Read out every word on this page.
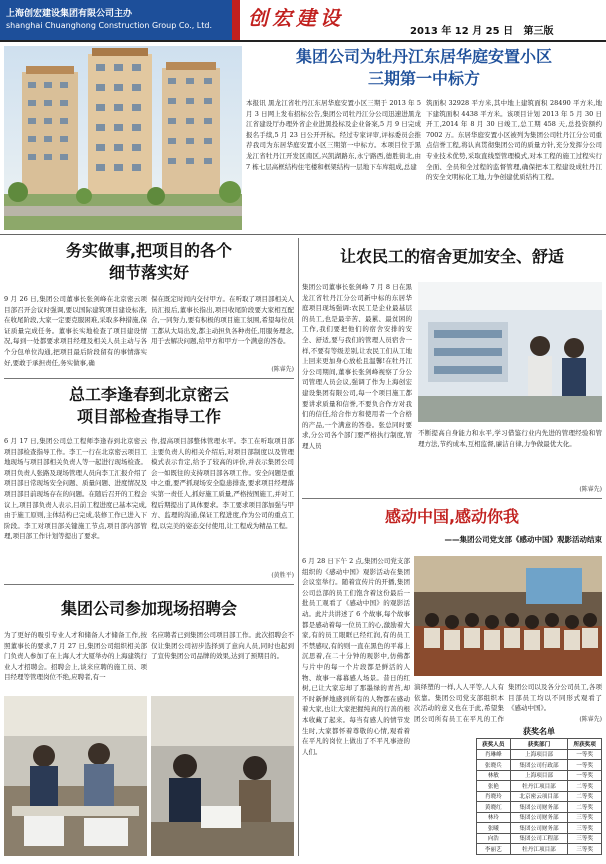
上海创宏建设集团有限公司主办
shanghai Chuanghong Construction Group Co., Ltd.	创宏建设
2013 年 12 月 25 日 第三版
集团公司为牡丹江东居华庭安置小区
三期第一中标方
本报讯 黑龙江省牡丹江东居华庭安置小区三期于 2013 年 5 月 3 日网上发布招标公告,集团公司牡丹江分公司迅速进黑龙江省建设厅办理外省企业进黑投标及企业备案,5 月 9 日完成报名手续,5 月 23 日公开开标。经过专家评审,评标委员会推荐我司为东居华庭安置小区三期第一中标方。本项目位于黑龙江省牡丹江开发区南区,兴凯湖路东,永宁路西,德胜街北,由 7 栋七层高框结构住宅楼和框架结构一层地下车库组成,总建
筑面积 32928 平方米,其中地上建筑面积 28490 平方米,地下建筑面积 4438 平方米。该项目计划 2013 年 5 月 30 日开工,2014 年 8 月 30 日竣工,总工期 458 天,总投资额约 7002 万。东居华庭安置小区被列为集团公司牡丹江分公司重点信誉工程,将认真贯彻集团公司的质量方针,充分发挥分公司专业技术优势,采取直线型管理模式,对本工程的施工过程实行全面、全员和全过程的监督管理,确保把本工程建设成牡丹江的安全文明标化工地,力争创建优质结构工程。
务实做事,把项目的各个
细节落实好
9 月 26 日,集团公司董事长张剑峰在北京密云项目部召开会议时强调,要以国际建筑项目建设标准,在收尾阶段,大家一定要克服困难,采取多种措施,保证质量完成任务。董事长实地检查了项目建设情况,每到一处都要求项目经理及相关人员主动与各个分包单位沟通,把项目最后阶段留有的事情落实好,要敢于承担责任,务实做事,确
保在既定时间内交付甲方。在听取了项目部相关人员汇报后,董事长指出,项目收尾阶段要大家相互配合,一同努力,要有积极的项目施工氛围,希望每位员工都从大局出发,都主动担负各种责任,用服务理念,用于去解决问题,给甲方和甲方一个满意的答卷。
(陈睿先)
总工李逢春到北京密云
项目部检查指导工作
6 月 17 日,集团公司总工程师李逢春到北京密云项目部检查指导工作。李工一行在北京密云项目工地现场与项目部相关负责人等一起进行现场检查。项目负责人张路及现场管理人员向李工汇报介绍了项目部日常现场安全问题、质量问题、进度情况及项目部目前现场存在的问题。在随后召开的工程会议上,项目部负责人表示,目前工程进度已基本完成,由于施工原则,主体结构已完成,装修工作已进入下阶段。李工对项目部关键施工节点,项目部内部管理,项目部工作计划等提出了要求。
作,提高项目部整体管理水平。李工在听取项目部主要负责人的相关介绍后,对项目部制度以及管理模式表示肯定,给予了较高的评价,并表示集团公司会一如既往的支持项目部各项工作。安全问题是重中之重,要严抓现场安全隐患排查,要求项目经理落实第一责任人,抓好施工质量,严格按图施工,并对工程后期提出了具体要求。李工要求项目部加强与甲方、监理的沟通,保证工程进度,作为公司的重点工程,以完美的姿态交付使用,让工程成为精品工程。
(黄胜平)
集团公司参加现场招聘会
为了更好的吸引专业人才和储备人才储备工作,按照董事长的要求,7 月 27 日,集团公司组织相关部门负责人参加了在上海人才大厦举办的上海建筑行业人才招聘会。招聘会上,谈来应聘的施工员、项目经理等管理岗位不绝,应聘者,有一
名应聘者已到集团公司项目部工作。此次招聘会不仅让集团公司初步选择到了意向人员,同时也起到了宣传集团公司品牌的效果,达到了预期目的。
让农民工的宿舍更加安全、舒适
集团公司董事长张剑峰 7 月 8 日在黑龙江省牡丹江分公司新中标的东居华庭项目现场强调:农民工是企业最基层的员工,也是最辛苦、最累、最贫困的工作,我们要把他们的宿舍安排的安全、舒适,要与我们的管理人员宿舍一样,不要有等级差别,让农民工们从工地上回来更加身心放松且温馨!在牡丹江分公司期间,董事长张剑峰视察了分公司管理人员会议,强调了作为上海创宏建设集团有限公司,每一个项目施工都要讲求质量和信誉,不要负合作方对我们的信任,给合作方和使用者一个合格的产品,一个满意的答卷。张总同时要求,分公司各个部门要严格执行制度,管理人员
不断提高自身能力和水平,学习借鉴行业内先进的管理经验和管理方法,节约成本,互相监督,廉洁自律,力争做最优大化。
(陈睿先)
感动中国,感动你我
——集团公司党支部《感动中国》观影活动结束
6 月 28 日下午 2 点,集团公司党支部组织的《感动中国》观影活动在集团会议室举行。随着宣传片的开播,集团公司总部的员工们饱含着这份最后一批员工观看了《感动中国》的观影活动。此片共讲述了 6 个故事,每个故事都是感动着每一位员工的心,激励着大家,有的员工眼眶已经红润,有的员工不禁感叹,有的则一直在黑色的平幕上沉思着,在二十分钟的观影中,仿佛都与片中的每一个片段都是鲜活的人物、故事一幕幕感人场景。昔日的红树,已让大家忘却了那墨绿的青苔,却不时新鲜地感到所有的人物都在感动着大家,也让大家把握纯真的行善的根本收藏了起来。每当有感人的情节发生时,大家都怀着尊敬的心情,观看着在平凡的岗位上做出了不平凡事迹的人们。
演绎塑的一样,人人平等,人人有依靠。集团公司党支部组织本次活动的意义也在于此,希望集团公司所有员工在平凡的工作
集团公司以及各分公司员工,各项目部员工均以不同形式观看了《感动中国》。
(陈睿先)
获奖名单
获奖人员	获奖部门	所获奖项
肖琳峰	上海项目部	一等奖
张晓兵	集团公司行政部	一等奖
林敏	上海项目部	一等奖
张艳	牡丹江项目部	二等奖
肖晓玲	北京密云项目部	二等奖
黄晓红	集团公司财务部	二等奖
林玲	集团公司财务部	三等奖
张曦	集团公司财务部	三等奖
向浩	集团公司工程部	三等奖
李丽艺	牡丹江项目部	三等奖
